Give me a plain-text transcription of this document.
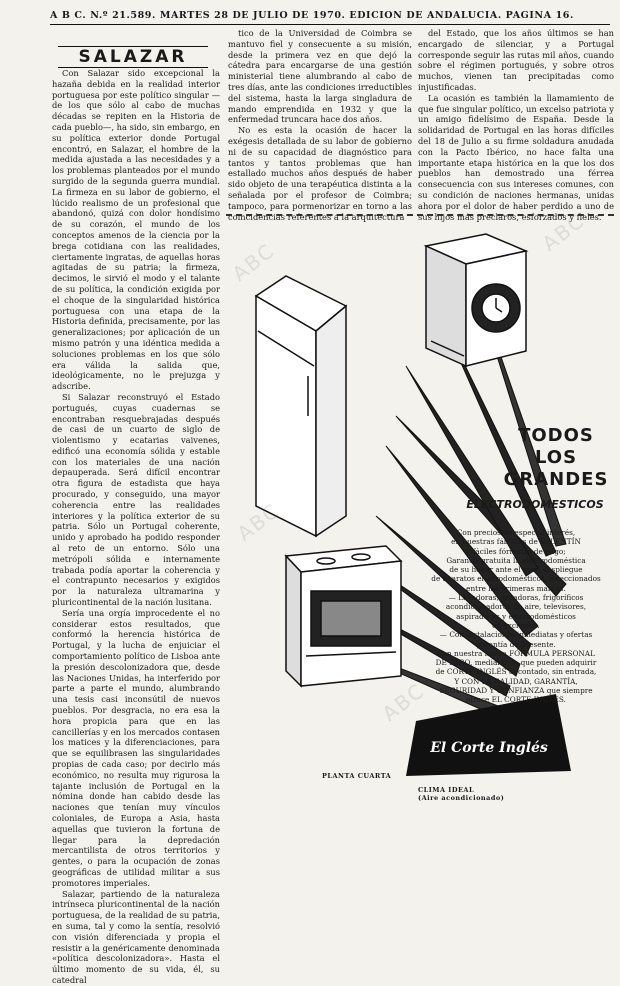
A B C. N.º 21.589. MARTES 28 DE JULIO DE 1970. EDICION DE ANDALUCIA. PAGINA 16.
SALAZAR

Con Salazar sido excepcional la hazaña debida en la realidad interior portuguesa por este político singular —de los que sólo al cabo de muchas décadas se repiten en la Historia de cada pueblo—, ha sido, sin embargo, en su política exterior donde Portugal encontró, en Salazar, el hombre de la medida ajustada a las necesidades y a los problemas planteados por el mundo surgido de la segunda guerra mundial. La firmeza en su labor de gobierno, el lúcido realismo de un profesional que abandonó, quizá con dolor hondísimo de su corazón, el mundo de los conceptos amenos de la ciencia por la brega cotidiana con las realidades, ciertamente ingratas, de aquellas horas agitadas de su patria; la firmeza, decimos, le sirvió el modo y el talante de su política, la condición exigida por el choque de la singularidad histórica portuguesa con una etapa de la Historia definida, precisamente, por las generalizaciones; por aplicación de un mismo patrón y una idéntica medida a soluciones problemas en los que sólo era válida la salida que, ideológicamente, no le prejuzga y adscribe.

Si Salazar reconstruyó el Estado portugués, cuyas cuadernas se encontraban resquebrajadas después de casi de un cuarto de siglo de violentismo y ecatarias vaivenes, edificó una economía sólida y estable con los materiales de una nación depauperada. Será difícil encontrar otra figura de estadista que haya procurado, y conseguido, una mayor coherencia entre las realidades interiores y la política exterior de su patria. Sólo un Portugal coherente, unido y aprobado ha podido responder al reto de un entorno. Sólo una metrópoli sólida e internamente trabada podía aportar la coherencia y el contrapunto necesarios y exigidos por la naturaleza ultramarina y pluricontinental de la nación lusitana.

Sería una orgía improcedente el no considerar estos resultados, que conformó la herencia histórica de Portugal, y la lucha de enjuiciar el comportamiento político de Lisboa ante la presión descolonizadora que, desde las Naciones Unidas, ha interferido por parte a parte el mundo, alumbrando una tesis casi inconsútil de nuevos pueblos. Por desgracia, no era esa la hora propicia para que en las cancillerías y en los mercados contasen los matices y la diferenciaciones, para que se equilibrasen las singularidades propias de cada caso; por decirlo más económico, no resulta muy rigurosa la tajante inclusión de Portugal en la nómina donde han cabido desde las naciones que tenían muy vínculos coloniales, de Europa a Asia, hasta aquellas que tuvieron la fortuna de llegar para la depredación mercantilista de otros territorios y gentes, o para la ocupación de zonas geográficas de utilidad militar a sus promotores imperiales.

Salazar, partiendo de la naturaleza intrínseca pluricontinental de la nación portuguesa, de la realidad de su patria, en suma, tal y como la sentía, resolvió con visión diferenciada y propia el resistir a la genéricamente denominada «política descolonizadora». Hasta el último momento de su vida, él, su catedral

tico de la Universidad de Coimbra se mantuvo fiel y consecuente a su misión, desde la primera vez en que dejó la cátedra para encargarse de una gestión ministerial tiene alumbrando al cabo de tres días, ante las condiciones irreductibles del sistema, hasta la larga singladura de mando emprendida en 1932 y que la enfermedad truncara hace dos años.

No es esta la ocasión de hacer la exégesis detallada de su labor de gobierno ni de su capacidad de diagnóstico para tantos y tantos problemas que han estallado muchos años después de haber sido objeto de una terapéutica distinta a la señalada por el profesor de Coimbra; tampoco, para pormenorizar en torno a las coincidencias referentes a la arquitectura

del Estado, que los años últimos se han encargado de silenciar, y a Portugal corresponde seguir las rutas mil años, cuando sobre el régimen portugués, y sobre otros muchos, vienen tan precipitadas como injustificadas.

La ocasión es también la llamamiento de que fue singular político, un excelso patriota y un amigo fidelísimo de España. Desde la solidaridad de Portugal en las horas difíciles del 18 de Julio a su firme soldadura anudada con la Pacto Ibérico, no hace falta una importante etapa histórica en la que los dos pueblos han demostrado una férrea consecuencia con sus intereses comunes, con su condición de naciones hermanas, unidas ahora por el dolor de haber perdido a uno de sus hijos más preclaros, esforzados y fieles.

TODOS LOS
GRANDES
ELECTRODOMESTICOS

Con precios de especial interés,

en nuestras fábricas de VALENTÍN

y fáciles fórmulas de pago;

Garantía gratuita la electrodoméstica

de su hogar ante el gran despliegue

de aparatos electrodomésticos, seleccionados

entre las primeras marcas.

— Lavadoras, secadoras, frigoríficos

acondicionadores de aire, televisores,

aspiradoras y electrodomésticos

en exclusiva.

— Con instalaciones inmediatas y ofertas

garantía de presente.

Con nuestra nueva FÓRMULA PERSONAL

DE PAGO, mediante la que pueden adquirir

de CORTE INGLÉS al contado, sin entrada,

Y CON LA CALIDAD, GARANTÍA,

SEGURIDAD Y CONFIANZA que siempre

ofrece EL CORTE INGLES.

El Corte Inglés
PLANTA CUARTA
CLIMA IDEAL
(Aire acondicionado)
ABC
ABC
ABC
ABC
